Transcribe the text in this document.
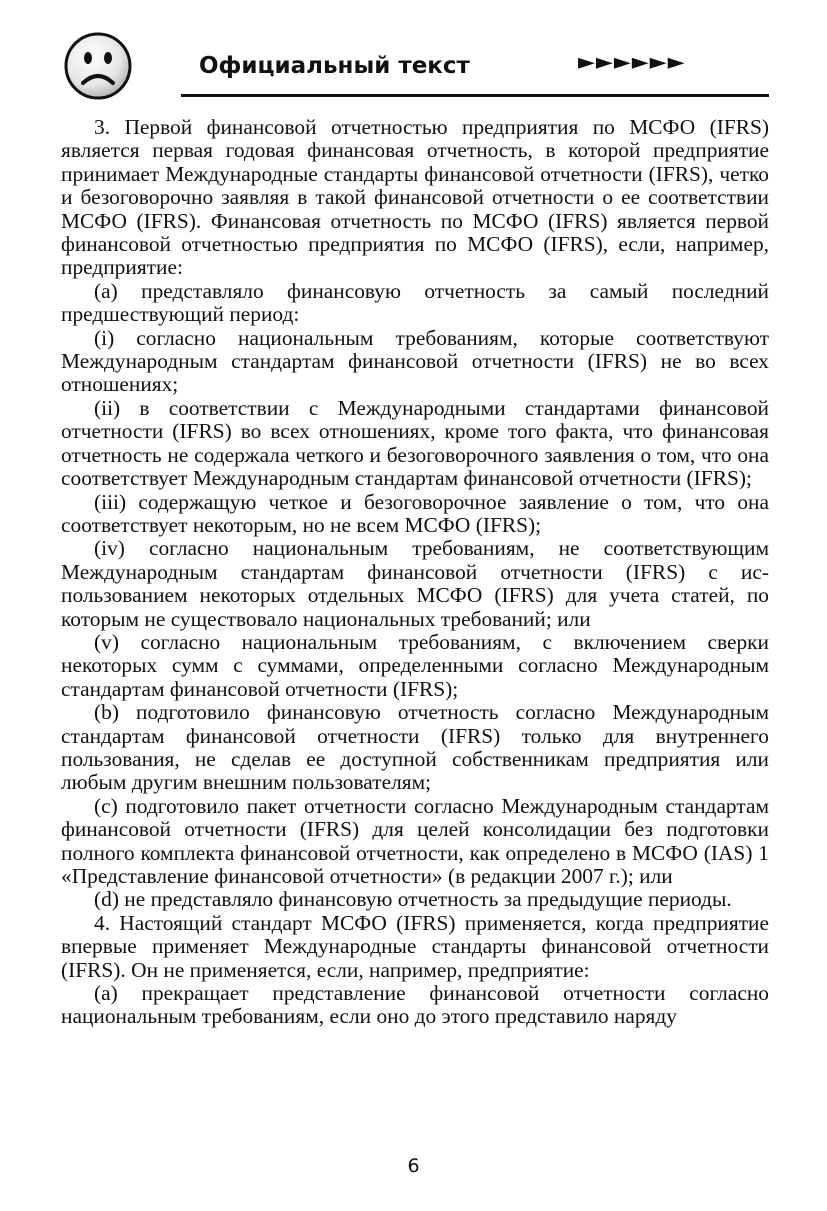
Официальный текст	►►►►►►

3. Первой финансовой отчетностью предприятия по МСФО (IFRS) является первая годовая финансовая отчетность, в которой предприятие принимает Международные стандарты финансовой отчетности (IFRS), четко и безоговорочно заявляя в такой финансовой отчетности о ее соответствии МСФО (IFRS). Финансовая отчетность по МСФО (IFRS) является первой финансовой отчетностью предприятия по МСФО (IFRS), если, например, предприятие:

(a) представляло финансовую отчетность за самый последний предшествующий период:

(i) согласно национальным требованиям, которые соответствуют Международным стандартам финансовой отчетности (IFRS) не во всех отношениях;

(ii) в соответствии с Международными стандартами финансовой отчетности (IFRS) во всех отношениях, кроме того факта, что финансовая отчетность не содержала четкого и безоговорочного заявления о том, что она соответствует Международным стандартам финансовой отчетности (IFRS);

(iii) содержащую четкое и безоговорочное заявление о том, что она соответствует некоторым, но не всем МСФО (IFRS);

(iv) согласно национальным требованиям, не соответствующим Международным стандартам финансовой отчетности (IFRS) с использованием некоторых отдельных МСФО (IFRS) для учета статей, по которым не существовало национальных требований; или

(v) согласно национальным требованиям, с включением сверки некоторых сумм с суммами, определенными согласно Международным стандартам финансовой отчетности (IFRS);

(b) подготовило финансовую отчетность согласно Международным стандартам финансовой отчетности (IFRS) только для внутреннего пользования, не сделав ее доступной собственникам предприятия или любым другим внешним пользователям;

(c) подготовило пакет отчетности согласно Международным стандартам финансовой отчетности (IFRS) для целей консолидации без подготовки полного комплекта финансовой отчетности, как определено в МСФО (IAS) 1 «Представление финансовой отчетности» (в редакции 2007 г.); или

(d) не представляло финансовую отчетность за предыдущие периоды.

4. Настоящий стандарт МСФО (IFRS) применяется, когда предприятие впервые применяет Международные стандарты финансовой отчетности (IFRS). Он не применяется, если, например, предприятие:

(a) прекращает представление финансовой отчетности согласно национальным требованиям, если оно до этого представило наряду

6
